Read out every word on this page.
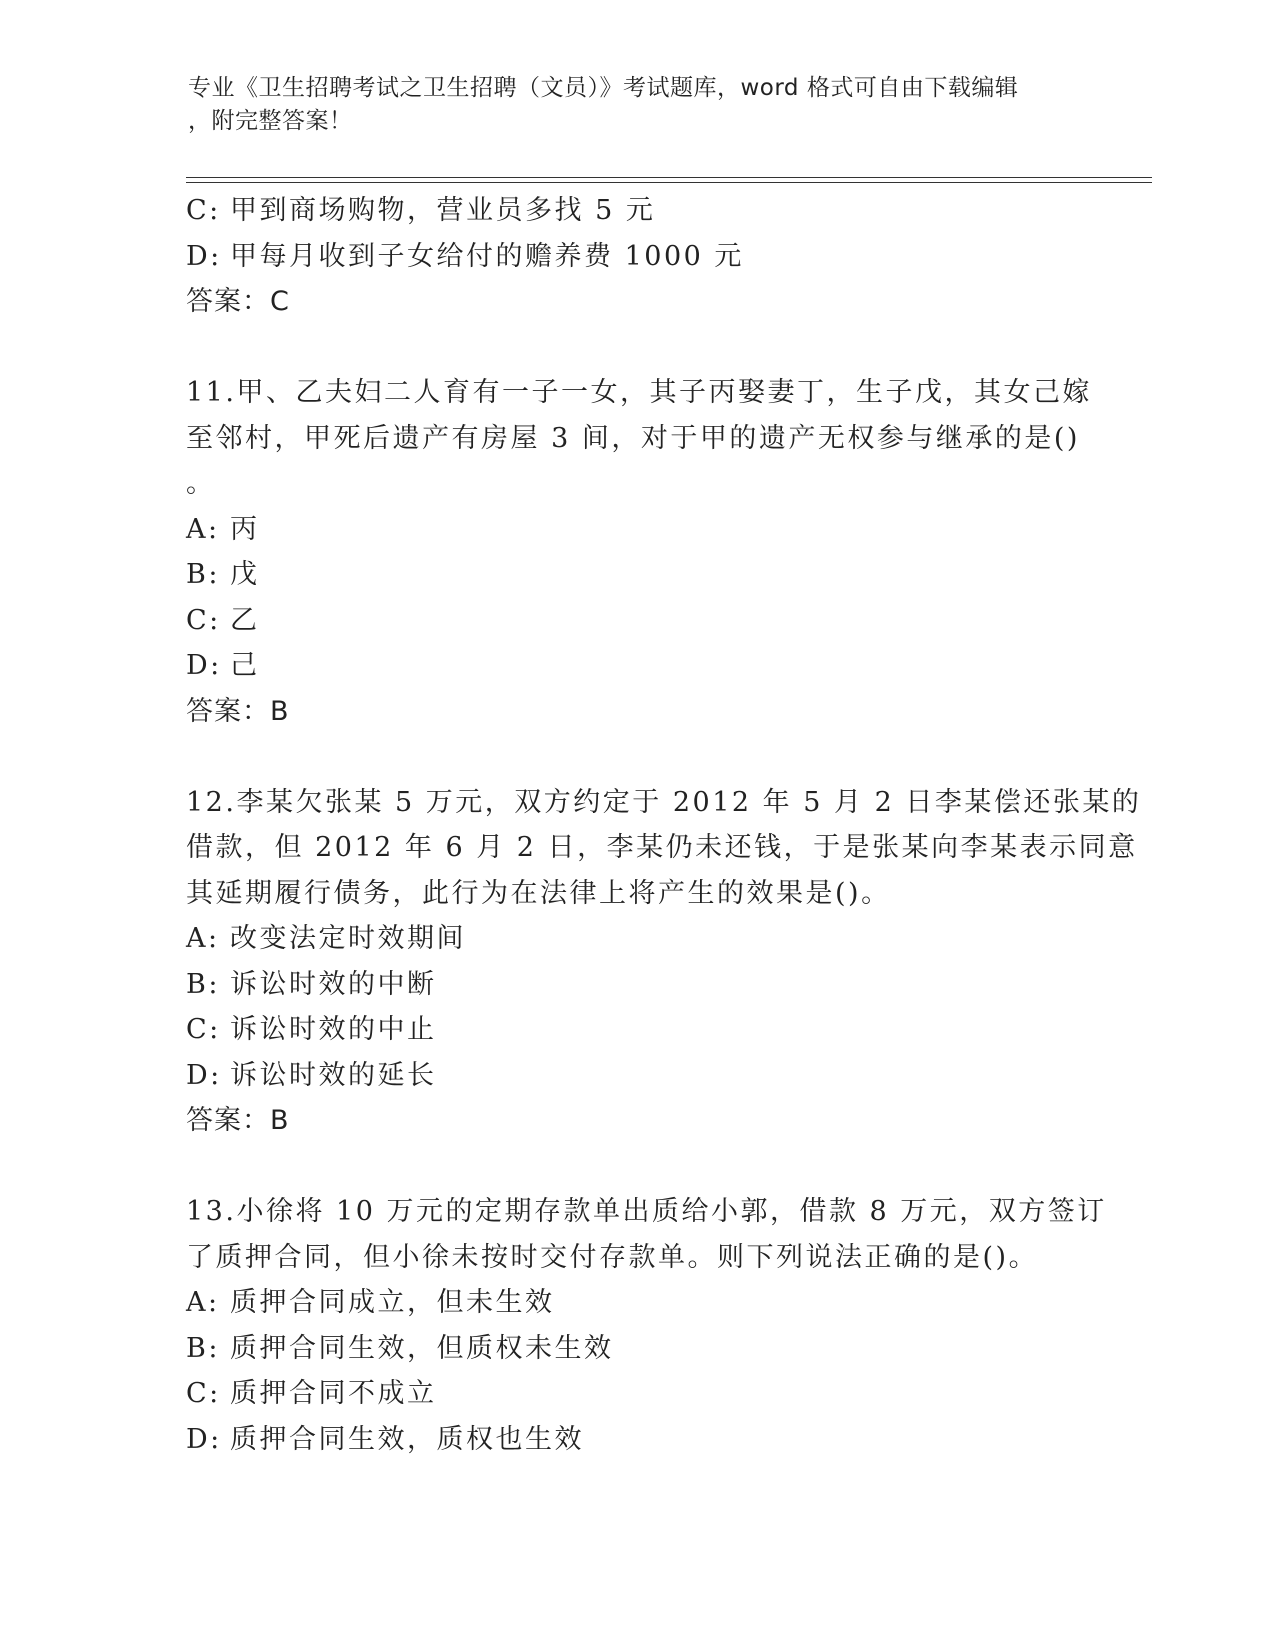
专业《卫生招聘考试之卫生招聘（文员）》考试题库，word 格式可自由下载编辑
，附完整答案！
C: 甲到商场购物，营业员多找 5 元
D: 甲每月收到子女给付的赡养费 1000 元
答案：C
11.甲、乙夫妇二人育有一子一女，其子丙娶妻丁，生子戊，其女己嫁
至邻村，甲死后遗产有房屋 3 间，对于甲的遗产无权参与继承的是()
。
A: 丙
B: 戊
C: 乙
D: 己
答案：B
12.李某欠张某 5 万元，双方约定于 2012 年 5 月 2 日李某偿还张某的
借款，但 2012 年 6 月 2 日，李某仍未还钱，于是张某向李某表示同意
其延期履行债务，此行为在法律上将产生的效果是()。
A: 改变法定时效期间
B: 诉讼时效的中断
C: 诉讼时效的中止
D: 诉讼时效的延长
答案：B
13.小徐将 10 万元的定期存款单出质给小郭，借款 8 万元，双方签订
了质押合同，但小徐未按时交付存款单。则下列说法正确的是()。
A: 质押合同成立，但未生效
B: 质押合同生效，但质权未生效
C: 质押合同不成立
D: 质押合同生效，质权也生效
